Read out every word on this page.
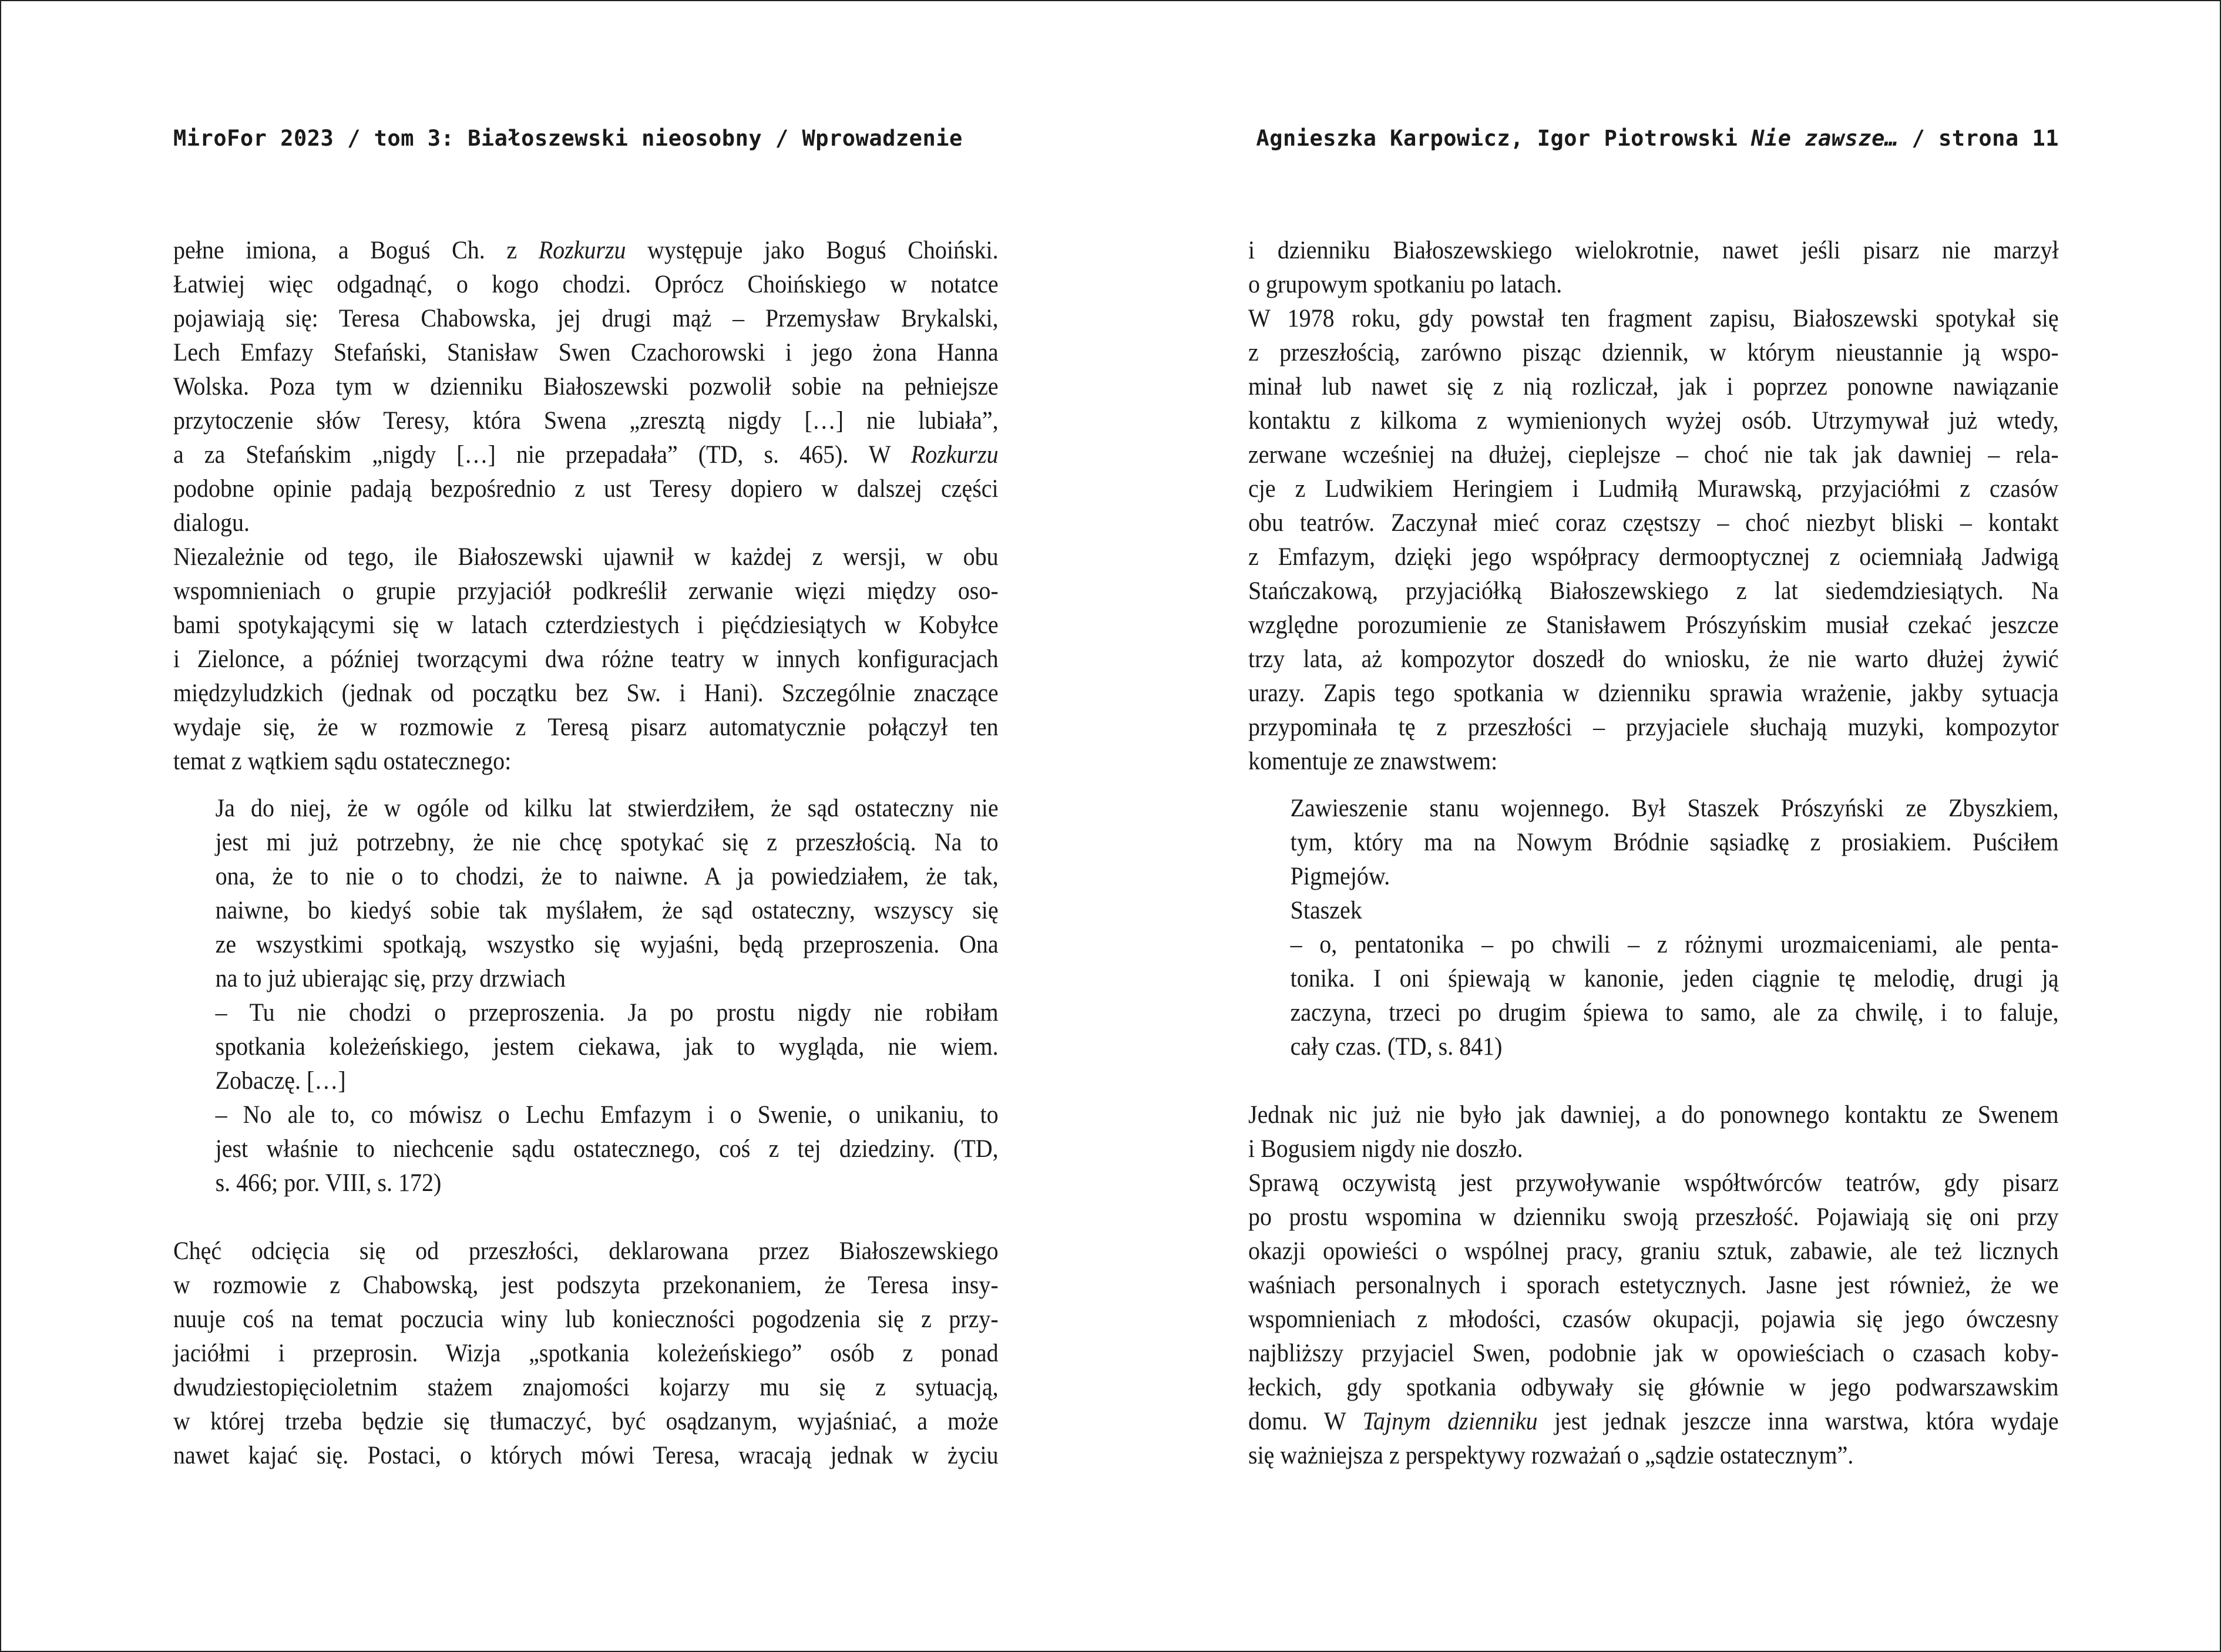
MiroFor 2023 / tom 3: Białoszewski nieosobny / Wprowadzenie
pełne imiona, a Boguś Ch. z Rozkurzu występuje jako Boguś Choiński.
Łatwiej więc odgadnąć, o kogo chodzi. Oprócz Choińskiego w notatce
pojawiają się: Teresa Chabowska, jej drugi mąż – Przemysław Brykalski,
Lech Emfazy Stefański, Stanisław Swen Czachorowski i jego żona Hanna
Wolska. Poza tym w dzienniku Białoszewski pozwolił sobie na pełniejsze
przytoczenie słów Teresy, która Swena „zresztą nigdy […] nie lubiała”,
a za Stefańskim „nigdy […] nie przepadała” (TD, s. 465). W Rozkurzu
podobne opinie padają bezpośrednio z ust Teresy dopiero w dalszej części
dialogu.
Niezależnie od tego, ile Białoszewski ujawnił w każdej z wersji, w obu
wspomnieniach o grupie przyjaciół podkreślił zerwanie więzi między oso-
bami spotykającymi się w latach czterdziestych i pięćdziesiątych w Kobyłce
i Zielonce, a później tworzącymi dwa różne teatry w innych konfiguracjach
międzyludzkich (jednak od początku bez Sw. i Hani). Szczególnie znaczące
wydaje się, że w rozmowie z Teresą pisarz automatycznie połączył ten
temat z wątkiem sądu ostatecznego:
Ja do niej, że w ogóle od kilku lat stwierdziłem, że sąd ostateczny nie
jest mi już potrzebny, że nie chcę spotykać się z przeszłością. Na to
ona, że to nie o to chodzi, że to naiwne. A ja powiedziałem, że tak,
naiwne, bo kiedyś sobie tak myślałem, że sąd ostateczny, wszyscy się
ze wszystkimi spotkają, wszystko się wyjaśni, będą przeproszenia. Ona
na to już ubierając się, przy drzwiach
– Tu nie chodzi o przeproszenia. Ja po prostu nigdy nie robiłam
spotkania koleżeńskiego, jestem ciekawa, jak to wygląda, nie wiem.
Zobaczę. […]
– No ale to, co mówisz o Lechu Emfazym i o Swenie, o unikaniu, to
jest właśnie to niechcenie sądu ostatecznego, coś z tej dziedziny. (TD,
s. 466; por. VIII, s. 172)
Chęć odcięcia się od przeszłości, deklarowana przez Białoszewskiego
w rozmowie z Chabowską, jest podszyta przekonaniem, że Teresa insy-
nuuje coś na temat poczucia winy lub konieczności pogodzenia się z przy-
jaciółmi i przeprosin. Wizja „spotkania koleżeńskiego” osób z ponad
dwudziestopięcioletnim stażem znajomości kojarzy mu się z sytuacją,
w której trzeba będzie się tłumaczyć, być osądzanym, wyjaśniać, a może
nawet kajać się. Postaci, o których mówi Teresa, wracają jednak w życiu
Agnieszka Karpowicz, Igor Piotrowski Nie zawsze… / strona 11
i dzienniku Białoszewskiego wielokrotnie, nawet jeśli pisarz nie marzył
o grupowym spotkaniu po latach.
W 1978 roku, gdy powstał ten fragment zapisu, Białoszewski spotykał się
z przeszłością, zarówno pisząc dziennik, w którym nieustannie ją wspo-
minał lub nawet się z nią rozliczał, jak i poprzez ponowne nawiązanie
kontaktu z kilkoma z wymienionych wyżej osób. Utrzymywał już wtedy,
zerwane wcześniej na dłużej, cieplejsze – choć nie tak jak dawniej – rela-
cje z Ludwikiem Heringiem i Ludmiłą Murawską, przyjaciółmi z czasów
obu teatrów. Zaczynał mieć coraz częstszy – choć niezbyt bliski – kontakt
z Emfazym, dzięki jego współpracy dermooptycznej z ociemniałą Jadwigą
Stańczakową, przyjaciółką Białoszewskiego z lat siedemdziesiątych. Na
względne porozumienie ze Stanisławem Prószyńskim musiał czekać jeszcze
trzy lata, aż kompozytor doszedł do wniosku, że nie warto dłużej żywić
urazy. Zapis tego spotkania w dzienniku sprawia wrażenie, jakby sytuacja
przypominała tę z przeszłości – przyjaciele słuchają muzyki, kompozytor
komentuje ze znawstwem:
Zawieszenie stanu wojennego. Był Staszek Prószyński ze Zbyszkiem,
tym, który ma na Nowym Bródnie sąsiadkę z prosiakiem. Puściłem
Pigmejów.
Staszek
– o, pentatonika – po chwili – z różnymi urozmaiceniami, ale penta-
tonika. I oni śpiewają w kanonie, jeden ciągnie tę melodię, drugi ją
zaczyna, trzeci po drugim śpiewa to samo, ale za chwilę, i to faluje,
cały czas. (TD, s. 841)
Jednak nic już nie było jak dawniej, a do ponownego kontaktu ze Swenem
i Bogusiem nigdy nie doszło.
Sprawą oczywistą jest przywoływanie współtwórców teatrów, gdy pisarz
po prostu wspomina w dzienniku swoją przeszłość. Pojawiają się oni przy
okazji opowieści o wspólnej pracy, graniu sztuk, zabawie, ale też licznych
waśniach personalnych i sporach estetycznych. Jasne jest również, że we
wspomnieniach z młodości, czasów okupacji, pojawia się jego ówczesny
najbliższy przyjaciel Swen, podobnie jak w opowieściach o czasach koby-
łeckich, gdy spotkania odbywały się głównie w jego podwarszawskim
domu. W Tajnym dzienniku jest jednak jeszcze inna warstwa, która wydaje
się ważniejsza z perspektywy rozważań o „sądzie ostatecznym”.
